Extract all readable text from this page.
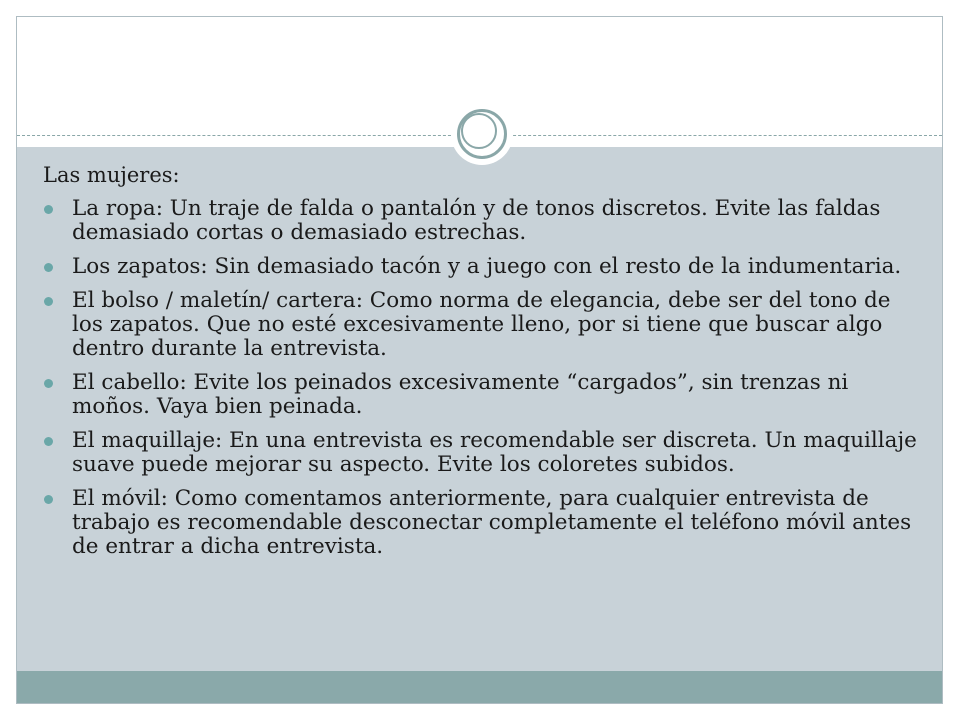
Las mujeres:

La ropa: Un traje de falda o pantalón y de tonos discretos. Evite las faldas demasiado cortas o demasiado estrechas.
Los zapatos: Sin demasiado tacón y a juego con el resto de la indumentaria.
El bolso / maletín/ cartera: Como norma de elegancia, debe ser del tono de los zapatos. Que no esté excesivamente lleno, por si tiene que buscar algo dentro durante la entrevista.
El cabello: Evite los peinados excesivamente “cargados”, sin trenzas ni moños. Vaya bien peinada.
El maquillaje: En una entrevista es recomendable ser discreta. Un maquillaje suave puede mejorar su aspecto. Evite los coloretes subidos.
El móvil: Como comentamos anteriormente, para cualquier entrevista de trabajo es recomendable desconectar completamente el teléfono móvil antes de entrar a dicha entrevista.
